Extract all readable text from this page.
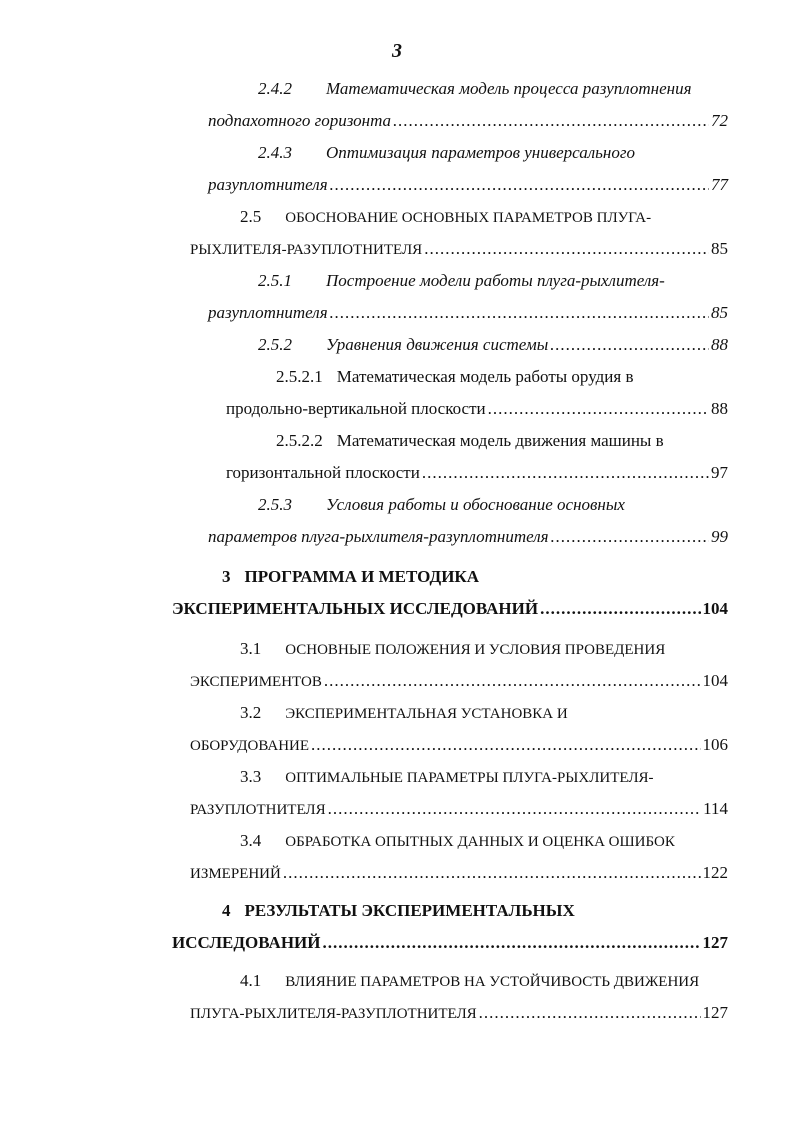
3
2.4.2 Математическая модель процесса разуплотнения
подпахотного горизонта .....	72
2.4.3 Оптимизация параметров универсального
разуплотнителя .....	77
2.5 ОБОСНОВАНИЕ ОСНОВНЫХ ПАРАМЕТРОВ ПЛУГА-
РЫХЛИТЕЛЯ-РАЗУПЛОТНИТЕЛЯ .....	85
2.5.1 Построение модели работы плуга-рыхлителя-
разуплотнителя .....	85
2.5.2 Уравнения движения системы .....	88
2.5.2.1 Математическая модель работы орудия в
продольно-вертикальной плоскости .....	88
2.5.2.2 Математическая модель движения машины в
горизонтальной плоскости .....	97
2.5.3 Условия работы и обоснование основных
параметров плуга-рыхлителя-разуплотнителя .....	99
3 ПРОГРАММА И МЕТОДИКА
ЭКСПЕРИМЕНТАЛЬНЫХ ИССЛЕДОВАНИЙ .....	104
3.1 ОСНОВНЫЕ ПОЛОЖЕНИЯ И УСЛОВИЯ ПРОВЕДЕНИЯ
ЭКСПЕРИМЕНТОВ .....	104
3.2 ЭКСПЕРИМЕНТАЛЬНАЯ УСТАНОВКА И
ОБОРУДОВАНИЕ .....	106
3.3 ОПТИМАЛЬНЫЕ ПАРАМЕТРЫ ПЛУГА-РЫХЛИТЕЛЯ-
РАЗУПЛОТНИТЕЛЯ .....	114
3.4 ОБРАБОТКА ОПЫТНЫХ ДАННЫХ И ОЦЕНКА ОШИБОК
ИЗМЕРЕНИЙ .....	122
4 РЕЗУЛЬТАТЫ ЭКСПЕРИМЕНТАЛЬНЫХ
ИССЛЕДОВАНИЙ .....	127
4.1 ВЛИЯНИЕ ПАРАМЕТРОВ НА УСТОЙЧИВОСТЬ ДВИЖЕНИЯ
ПЛУГА-РЫХЛИТЕЛЯ-РАЗУПЛОТНИТЕЛЯ .....	127
